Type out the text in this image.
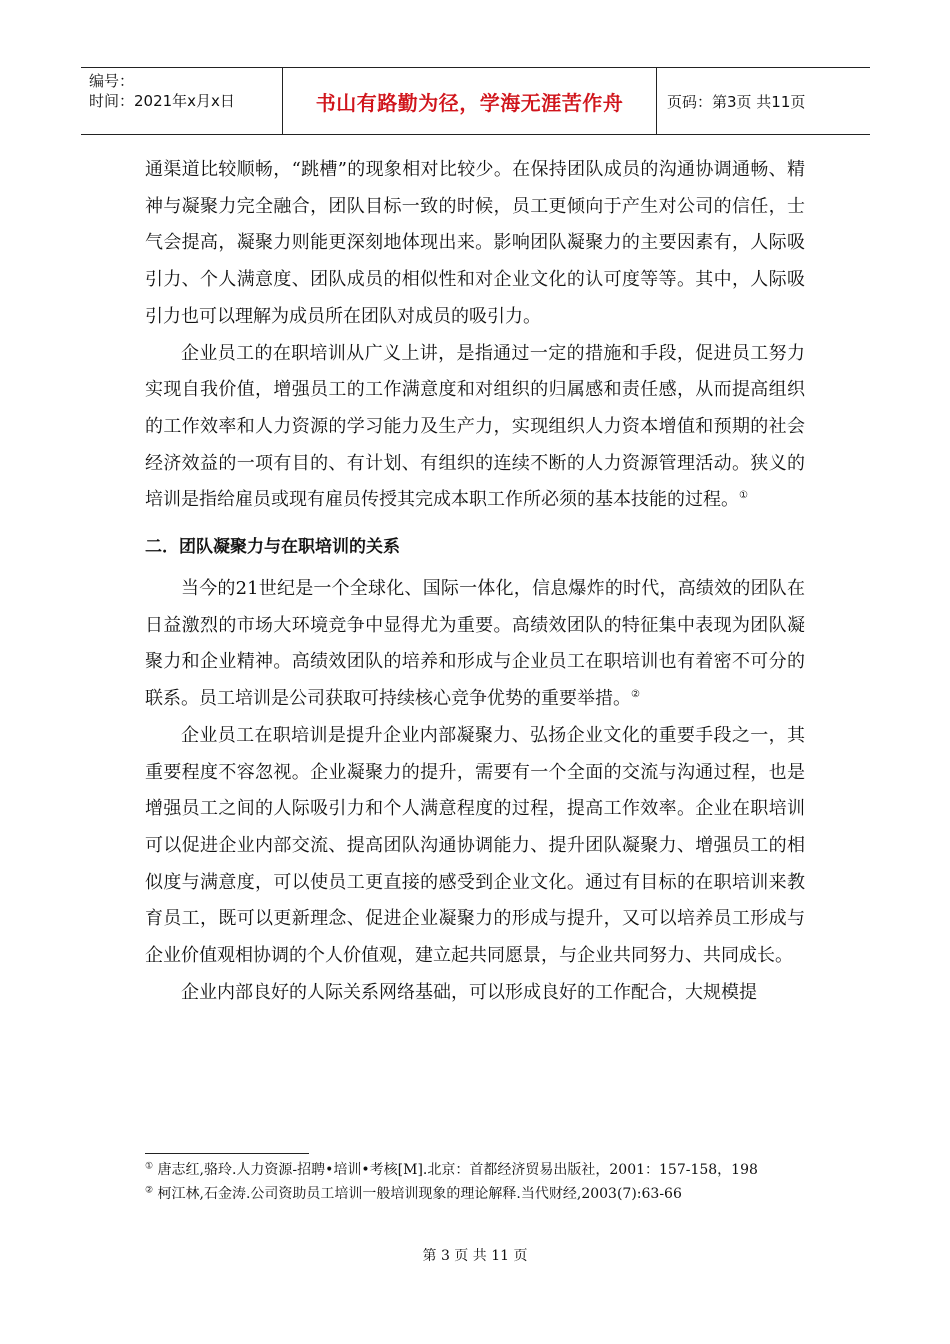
编号：
时间：2021年x月x日	书山有路勤为径，学海无涯苦作舟	页码：第3页 共11页

通渠道比较顺畅，“跳槽”的现象相对比较少。在保持团队成员的沟通协调通畅、精神与凝聚力完全融合，团队目标一致的时候，员工更倾向于产生对公司的信任，士气会提高，凝聚力则能更深刻地体现出来。影响团队凝聚力的主要因素有，人际吸引力、个人满意度、团队成员的相似性和对企业文化的认可度等等。其中，人际吸引力也可以理解为成员所在团队对成员的吸引力。

企业员工的在职培训从广义上讲，是指通过一定的措施和手段，促进员工努力实现自我价值，增强员工的工作满意度和对组织的归属感和责任感，从而提高组织的工作效率和人力资源的学习能力及生产力，实现组织人力资本增值和预期的社会经济效益的一项有目的、有计划、有组织的连续不断的人力资源管理活动。狭义的培训是指给雇员或现有雇员传授其完成本职工作所必须的基本技能的过程。①

二．团队凝聚力与在职培训的关系

当今的21世纪是一个全球化、国际一体化，信息爆炸的时代，高绩效的团队在日益激烈的市场大环境竞争中显得尤为重要。高绩效团队的特征集中表现为团队凝聚力和企业精神。高绩效团队的培养和形成与企业员工在职培训也有着密不可分的联系。员工培训是公司获取可持续核心竞争优势的重要举措。②

企业员工在职培训是提升企业内部凝聚力、弘扬企业文化的重要手段之一，其重要程度不容忽视。企业凝聚力的提升，需要有一个全面的交流与沟通过程，也是增强员工之间的人际吸引力和个人满意程度的过程，提高工作效率。企业在职培训可以促进企业内部交流、提高团队沟通协调能力、提升团队凝聚力、增强员工的相似度与满意度，可以使员工更直接的感受到企业文化。通过有目标的在职培训来教育员工，既可以更新理念、促进企业凝聚力的形成与提升，又可以培养员工形成与企业价值观相协调的个人价值观，建立起共同愿景，与企业共同努力、共同成长。

企业内部良好的人际关系网络基础，可以形成良好的工作配合，大规模提

① 唐志红,骆玲.人力资源-招聘•培训•考核[M].北京：首都经济贸易出版社，2001：157-158，198

② 柯江林,石金涛.公司资助员工培训一般培训现象的理论解释.当代财经,2003(7):63-66

第 3 页 共 11 页
